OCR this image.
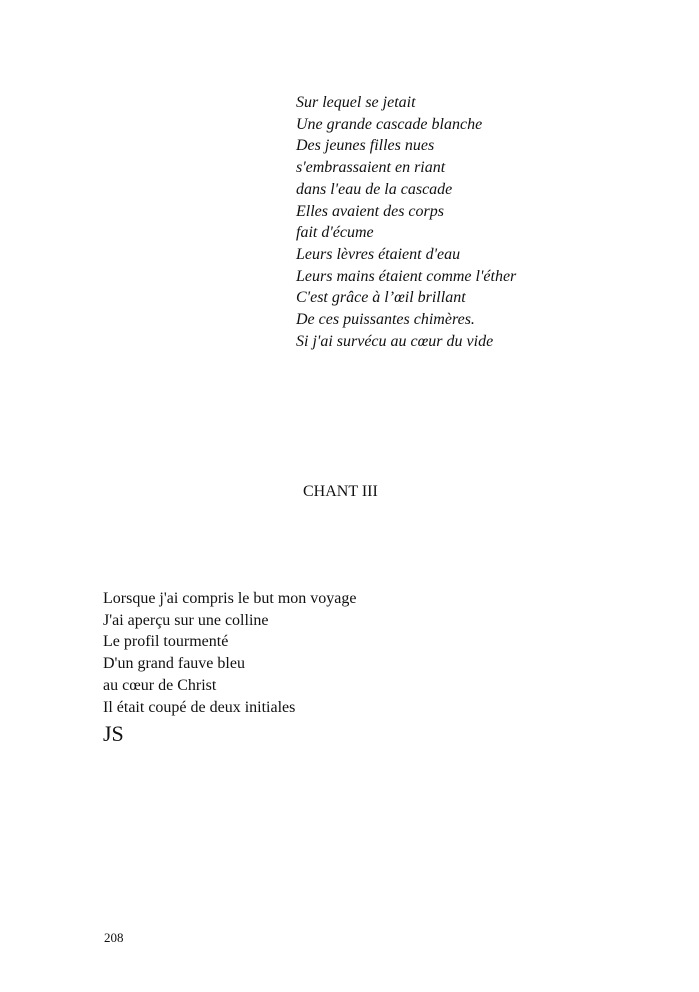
Sur lequel se jetait
Une grande cascade blanche
Des jeunes filles nues
s'embrassaient en riant
dans l'eau de la cascade
Elles avaient des corps
fait d'écume
Leurs lèvres étaient d'eau
Leurs mains étaient comme l'éther
C'est grâce à l’œil brillant
De ces puissantes chimères.
Si j'ai survécu au cœur du vide
CHANT III
Lorsque j'ai compris le but mon voyage
J'ai aperçu sur une colline
Le profil tourmenté
D'un grand fauve bleu
au cœur de Christ
Il était coupé de deux initiales
JS
208
